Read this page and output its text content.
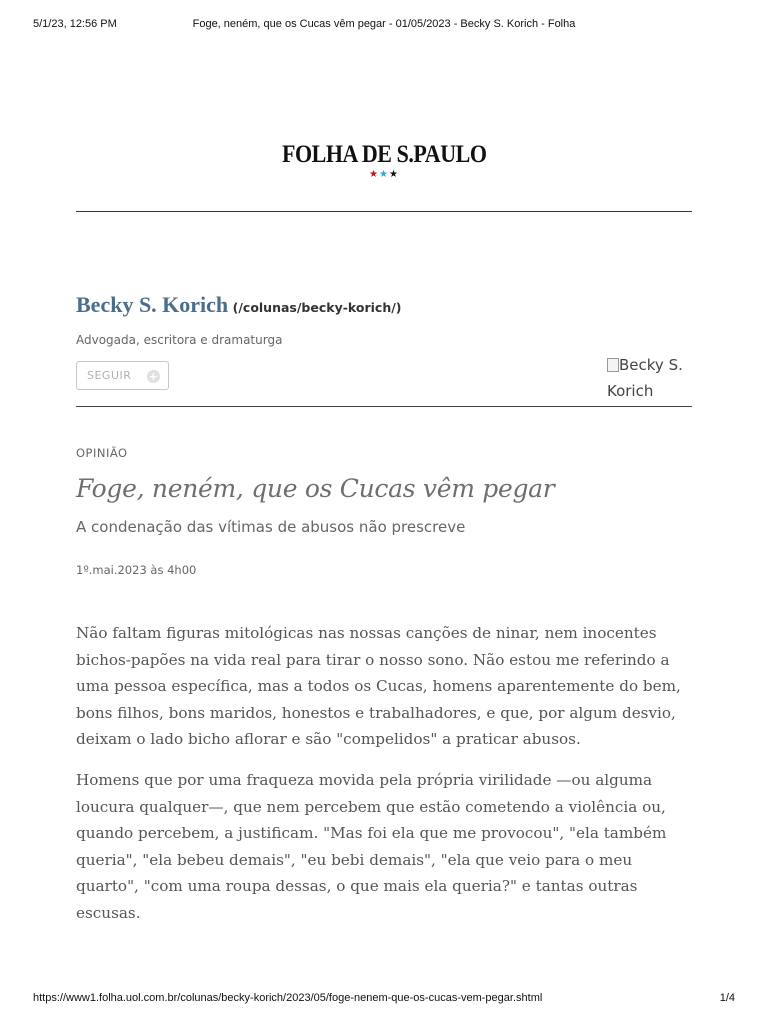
5/1/23, 12:56 PM	Foge, neném, que os Cucas vêm pegar - 01/05/2023 - Becky S. Korich - Folha
FOLHA DE S.PAULO
★★★
Becky S. Korich (/colunas/becky-korich/)
Advogada, escritora e dramaturga
SEGUIR +
Becky S. Korich
OPINIÃO
Foge, neném, que os Cucas vêm pegar
A condenação das vítimas de abusos não prescreve
1º.mai.2023 às 4h00

Não faltam figuras mitológicas nas nossas canções de ninar, nem inocentes bichos-papões na vida real para tirar o nosso sono. Não estou me referindo a uma pessoa específica, mas a todos os Cucas, homens aparentemente do bem, bons filhos, bons maridos, honestos e trabalhadores, e que, por algum desvio, deixam o lado bicho aflorar e são "compelidos" a praticar abusos.

Homens que por uma fraqueza movida pela própria virilidade —ou alguma loucura qualquer—, que nem percebem que estão cometendo a violência ou, quando percebem, a justificam. "Mas foi ela que me provocou", "ela também queria", "ela bebeu demais", "eu bebi demais", "ela que veio para o meu quarto", "com uma roupa dessas, o que mais ela queria?" e tantas outras escusas.

https://www1.folha.uol.com.br/colunas/becky-korich/2023/05/foge-nenem-que-os-cucas-vem-pegar.shtml	1/4
